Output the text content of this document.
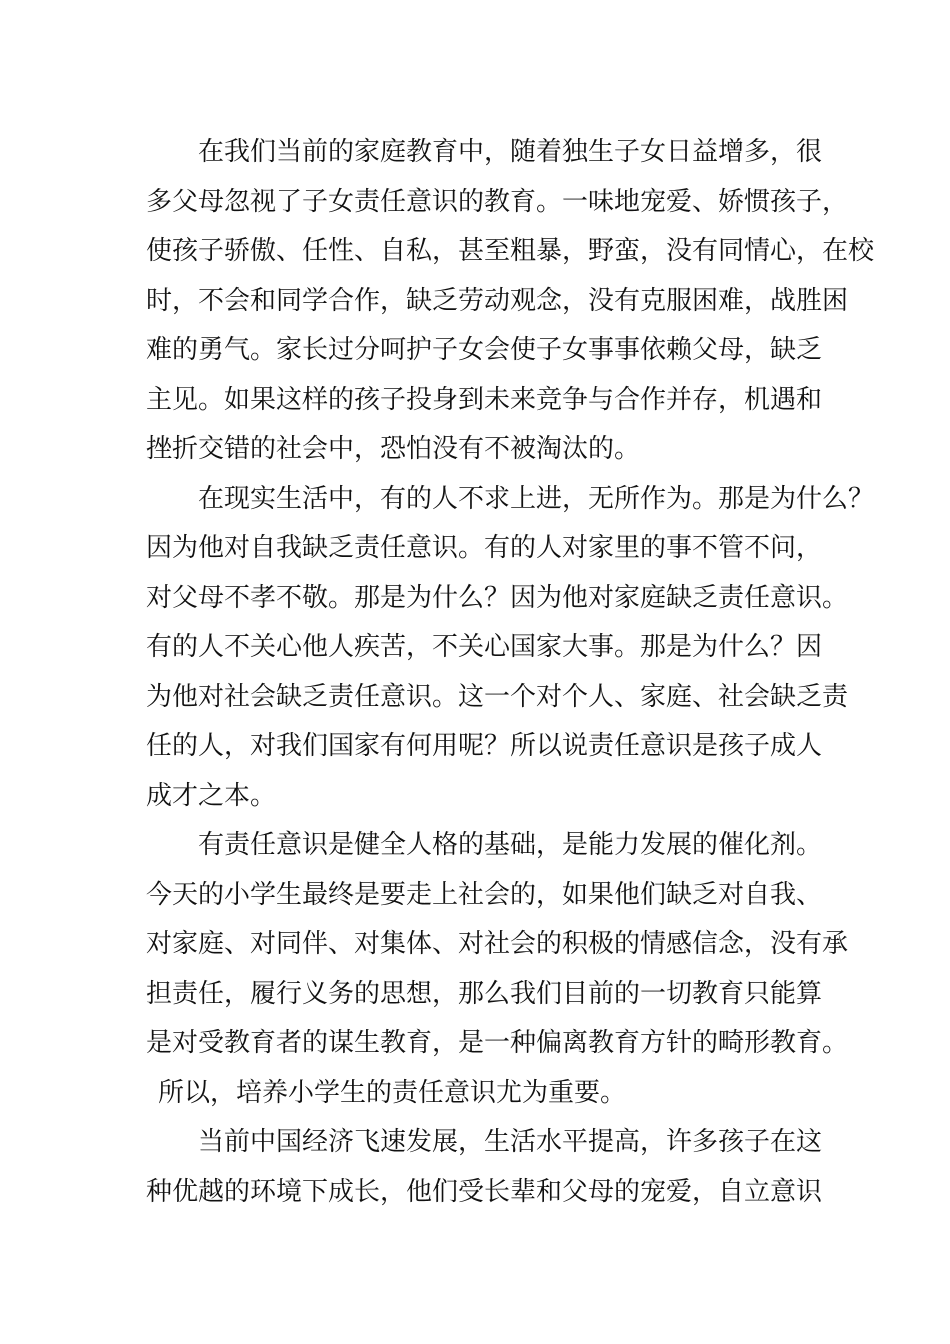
在我们当前的家庭教育中，随着独生子女日益增多，很
多父母忽视了子女责任意识的教育。一味地宠爱、娇惯孩子，
使孩子骄傲、任性、自私，甚至粗暴，野蛮，没有同情心，在校
时，不会和同学合作，缺乏劳动观念，没有克服困难，战胜困
难的勇气。家长过分呵护子女会使子女事事依赖父母，缺乏
主见。如果这样的孩子投身到未来竞争与合作并存，机遇和
挫折交错的社会中，恐怕没有不被淘汰的。
在现实生活中，有的人不求上进，无所作为。那是为什么？
因为他对自我缺乏责任意识。有的人对家里的事不管不问，
对父母不孝不敬。那是为什么？因为他对家庭缺乏责任意识。
有的人不关心他人疾苦，不关心国家大事。那是为什么？因
为他对社会缺乏责任意识。这一个对个人、家庭、社会缺乏责
任的人，对我们国家有何用呢？所以说责任意识是孩子成人
成才之本。
有责任意识是健全人格的基础，是能力发展的催化剂。
今天的小学生最终是要走上社会的，如果他们缺乏对自我、
对家庭、对同伴、对集体、对社会的积极的情感信念，没有承
担责任，履行义务的思想，那么我们目前的一切教育只能算
是对受教育者的谋生教育，是一种偏离教育方针的畸形教育。
所以，培养小学生的责任意识尤为重要。
当前中国经济飞速发展，生活水平提高，许多孩子在这
种优越的环境下成长，他们受长辈和父母的宠爱，自立意识
